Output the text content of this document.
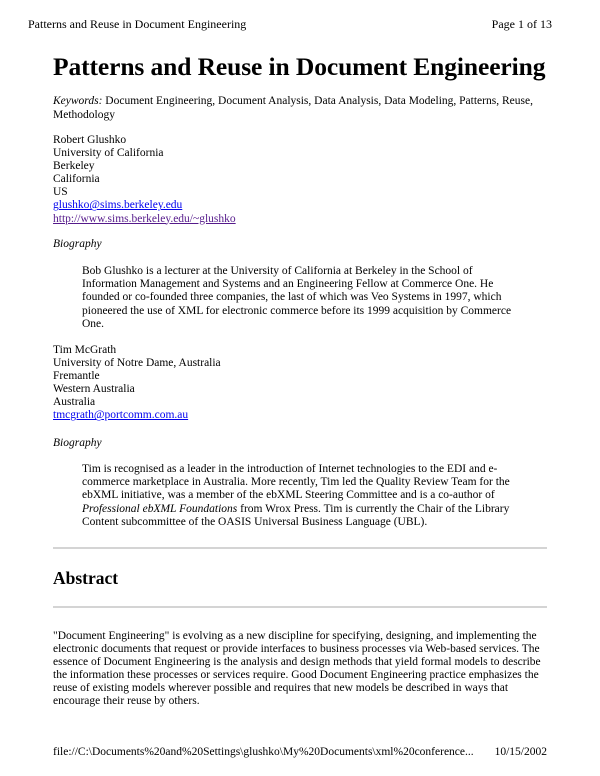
Patterns and Reuse in Document Engineering	Page 1 of 13
Patterns and Reuse in Document Engineering
Keywords: Document Engineering, Document Analysis, Data Analysis, Data Modeling, Patterns, Reuse, Methodology
Robert Glushko
University of California
Berkeley
California
US
glushko@sims.berkeley.edu
http://www.sims.berkeley.edu/~glushko
Biography
Bob Glushko is a lecturer at the University of California at Berkeley in the School of Information Management and Systems and an Engineering Fellow at Commerce One. He founded or co-founded three companies, the last of which was Veo Systems in 1997, which pioneered the use of XML for electronic commerce before its 1999 acquisition by Commerce One.
Tim McGrath
University of Notre Dame, Australia
Fremantle
Western Australia
Australia
tmcgrath@portcomm.com.au
Biography
Tim is recognised as a leader in the introduction of Internet technologies to the EDI and e-commerce marketplace in Australia. More recently, Tim led the Quality Review Team for the ebXML initiative, was a member of the ebXML Steering Committee and is a co-author of Professional ebXML Foundations from Wrox Press. Tim is currently the Chair of the Library Content subcommittee of the OASIS Universal Business Language (UBL).
Abstract
"Document Engineering" is evolving as a new discipline for specifying, designing, and implementing the electronic documents that request or provide interfaces to business processes via Web-based services. The essence of Document Engineering is the analysis and design methods that yield formal models to describe the information these processes or services require. Good Document Engineering practice emphasizes the reuse of existing models wherever possible and requires that new models be described in ways that encourage their reuse by others.
file://C:\Documents%20and%20Settings\glushko\My%20Documents\xml%20conference... 10/15/2002
